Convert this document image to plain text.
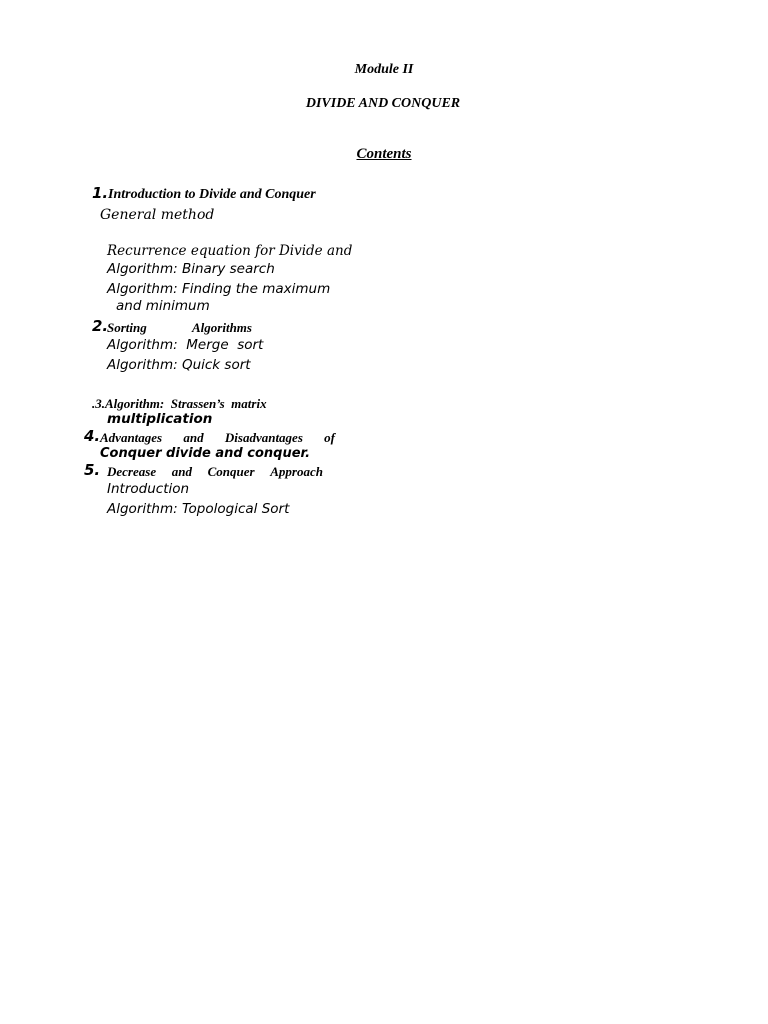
Module II
DIVIDE AND CONQUER
Contents
1. Introduction to Divide and Conquer
General method
Recurrence equation for Divide and
Algorithm: Binary search
Algorithm: Finding the maximum
and minimum
2.
Sorting	Algorithms
Algorithm:  Merge  sort
Algorithm: Quick sort
.3.Algorithm:  Strassen’s  matrix
multiplication
4. Advantages and Disadvantages of
Conquer divide and conquer.
5. Decrease and Conquer Approach
Introduction
Algorithm: Topological Sort
